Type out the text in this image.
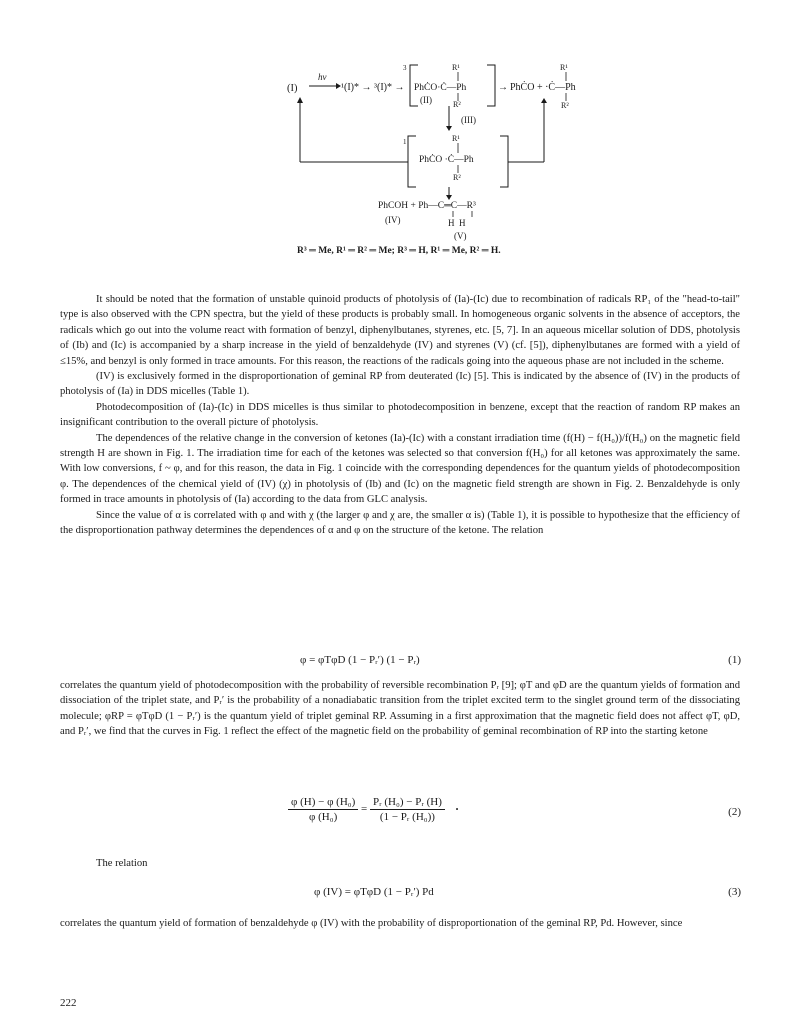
(I)
hν
¹(I)* → ³(I)* →
3	R¹
PhĊO·Ċ—Ph
(II)	R²
→ PhĊO + ·Ċ—Ph
R¹
R²
(III)
1	R¹
PhĊO ·Ċ—Ph
R²
PhCOH + Ph—C═C—R³
(IV)	H  H
(V)
R³ ═ Me, R¹ ═ R² ═ Me; R³ ═ H, R¹ ═ Me, R² ═ H.

It should be noted that the formation of unstable quinoid products of photolysis of (Ia)-(Ic) due to recombination of radicals RP₁ of the "head-to-tail" type is also observed with the CPN spectra, but the yield of these products is probably small. In homogeneous organic solvents in the absence of acceptors, the radicals which go out into the volume react with formation of benzyl, diphenylbutanes, styrenes, etc. [5, 7]. In an aqueous micellar solution of DDS, photolysis of (Ib) and (Ic) is accompanied by a sharp increase in the yield of benzaldehyde (IV) and styrenes (V) (cf. [5]), diphenylbutanes are formed with a yield of ≤15%, and benzyl is only formed in trace amounts. For this reason, the reactions of the radicals going into the aqueous phase are not included in the scheme.

(IV) is exclusively formed in the disproportionation of geminal RP from deuterated (Ic) [5]. This is indicated by the absence of (IV) in the products of photolysis of (Ia) in DDS micelles (Table 1).

Photodecomposition of (Ia)-(Ic) in DDS micelles is thus similar to photodecomposition in benzene, except that the reaction of random RP makes an insignificant contribution to the overall picture of photolysis.

The dependences of the relative change in the conversion of ketones (Ia)-(Ic) with a constant irradiation time (f(H) − f(H₀))/f(H₀) on the magnetic field strength H are shown in Fig. 1. The irradiation time for each of the ketones was selected so that conversion f(H₀) for all ketones was approximately the same. With low conversions, f ~ φ, and for this reason, the data in Fig. 1 coincide with the corresponding dependences for the quantum yields of photodecomposition φ. The dependences of the chemical yield of (IV) (χ) in photolysis of (Ib) and (Ic) on the magnetic field strength are shown in Fig. 2. Benzaldehyde is only formed in trace amounts in photolysis of (Ia) according to the data from GLC analysis.

Since the value of α is correlated with φ and with χ (the larger φ and χ are, the smaller α is) (Table 1), it is possible to hypothesize that the efficiency of the disproportionation pathway determines the dependences of α and φ on the structure of the ketone. The relation

φ = φTφD (1 − Pᵣ′) (1 − Pᵣ)	(1)

correlates the quantum yield of photodecomposition with the probability of reversible recombination Pᵣ [9]; φT and φD are the quantum yields of formation and dissociation of the triplet state, and Pᵣ′ is the probability of a nonadiabatic transition from the triplet excited term to the singlet ground term of the dissociating molecule; φRP = φTφD (1 − Pᵣ′) is the quantum yield of triplet geminal RP. Assuming in a first approximation that the magnetic field does not affect φT, φD, and Pᵣ′, we find that the curves in Fig. 1 reflect the effect of the magnetic field on the probability of geminal recombination of RP into the starting ketone

$\frac{\text{φ (H) − φ (H₀)}}{\text{φ (H₀)}} = \frac{\text{Pᵣ (H₀) − Pᵣ (H)}}{\text{(1 − Pᵣ (H₀))}}$ •	(2)

The relation

φ (IV) = φTφD (1 − Pᵣ′) Pd	(3)

correlates the quantum yield of formation of benzaldehyde φ (IV) with the probability of disproportionation of the geminal RP, Pd. However, since

222
